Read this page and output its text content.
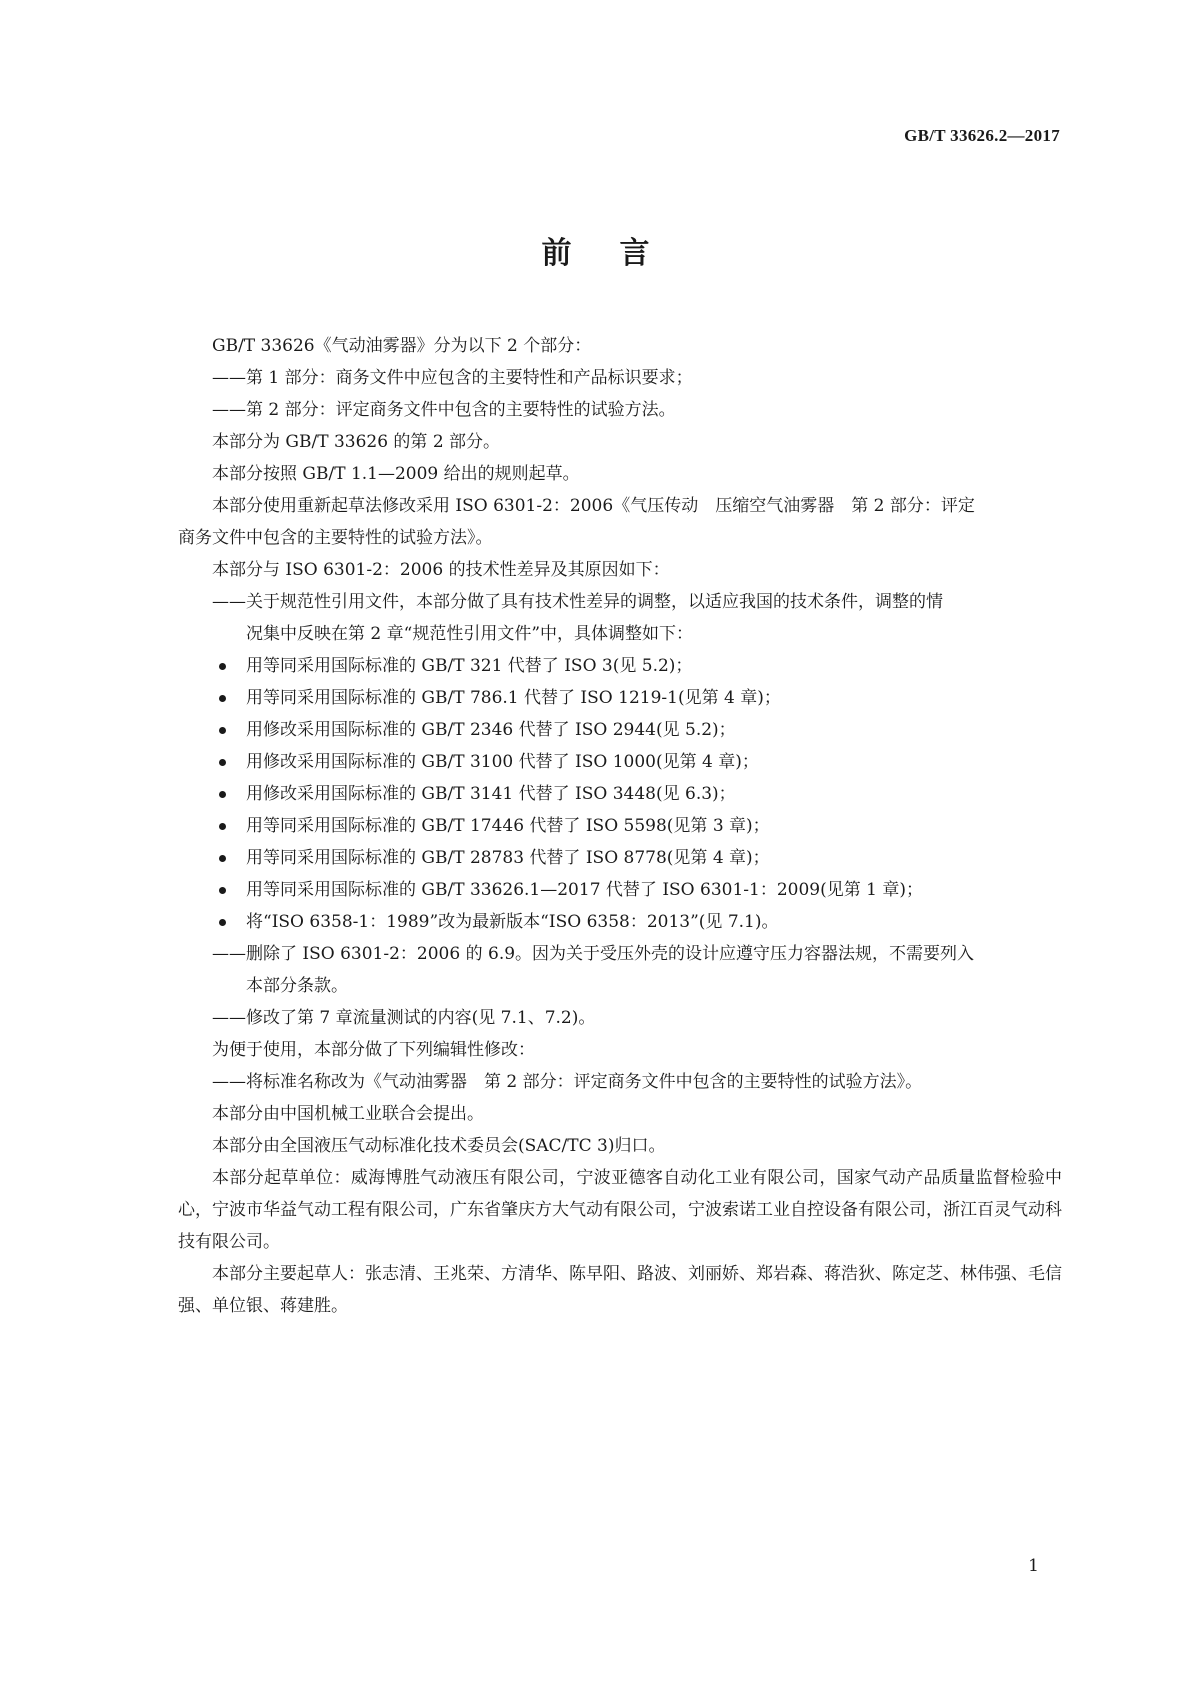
GB/T 33626.2—2017
前言
GB/T 33626《气动油雾器》分为以下 2 个部分：
——第 1 部分：商务文件中应包含的主要特性和产品标识要求；
——第 2 部分：评定商务文件中包含的主要特性的试验方法。
本部分为 GB/T 33626 的第 2 部分。
本部分按照 GB/T 1.1—2009 给出的规则起草。
本部分使用重新起草法修改采用 ISO 6301-2：2006《气压传动　压缩空气油雾器　第 2 部分：评定
商务文件中包含的主要特性的试验方法》。
本部分与 ISO 6301-2：2006 的技术性差异及其原因如下：
——关于规范性引用文件，本部分做了具有技术性差异的调整，以适应我国的技术条件，调整的情
况集中反映在第 2 章“规范性引用文件”中，具体调整如下：
用等同采用国际标准的 GB/T 321 代替了 ISO 3(见 5.2)；
用等同采用国际标准的 GB/T 786.1 代替了 ISO 1219-1(见第 4 章)；
用修改采用国际标准的 GB/T 2346 代替了 ISO 2944(见 5.2)；
用修改采用国际标准的 GB/T 3100 代替了 ISO 1000(见第 4 章)；
用修改采用国际标准的 GB/T 3141 代替了 ISO 3448(见 6.3)；
用等同采用国际标准的 GB/T 17446 代替了 ISO 5598(见第 3 章)；
用等同采用国际标准的 GB/T 28783 代替了 ISO 8778(见第 4 章)；
用等同采用国际标准的 GB/T 33626.1—2017 代替了 ISO 6301-1：2009(见第 1 章)；
将“ISO 6358-1：1989”改为最新版本“ISO 6358：2013”(见 7.1)。
——删除了 ISO 6301-2：2006 的 6.9。因为关于受压外壳的设计应遵守压力容器法规，不需要列入
本部分条款。
——修改了第 7 章流量测试的内容(见 7.1、7.2)。
为便于使用，本部分做了下列编辑性修改：
——将标准名称改为《气动油雾器　第 2 部分：评定商务文件中包含的主要特性的试验方法》。
本部分由中国机械工业联合会提出。
本部分由全国液压气动标准化技术委员会(SAC/TC 3)归口。
本部分起草单位：威海博胜气动液压有限公司，宁波亚德客自动化工业有限公司，国家气动产品质量监督检验中心，宁波市华益气动工程有限公司，广东省肇庆方大气动有限公司，宁波索诺工业自控设备有限公司，浙江百灵气动科技有限公司。
本部分主要起草人：张志清、王兆荣、方清华、陈早阳、路波、刘丽娇、郑岩森、蒋浩狄、陈定芝、林伟强、毛信强、单位银、蒋建胜。
1
